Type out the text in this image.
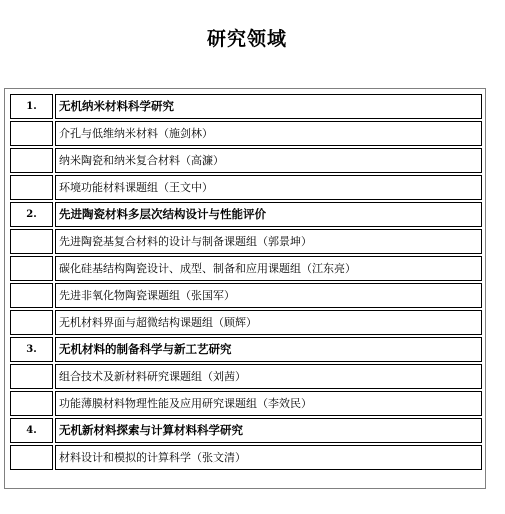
研究领域
1.	无机纳米材料科学研究
	介孔与低维纳米材料（施剑林）
	纳米陶瓷和纳米复合材料（高濂）
	环境功能材料课题组（王文中）
2.	先进陶瓷材料多层次结构设计与性能评价
	先进陶瓷基复合材料的设计与制备课题组（郭景坤）
	碳化硅基结构陶瓷设计、成型、制备和应用课题组（江东亮）
	先进非氧化物陶瓷课题组（张国军）
	无机材料界面与超微结构课题组（顾辉）
3.	无机材料的制备科学与新工艺研究
	组合技术及新材料研究课题组（刘茜）
	功能薄膜材料物理性能及应用研究课题组（李效民）
4.	无机新材料探索与计算材料科学研究
	材料设计和模拟的计算科学（张文清）
